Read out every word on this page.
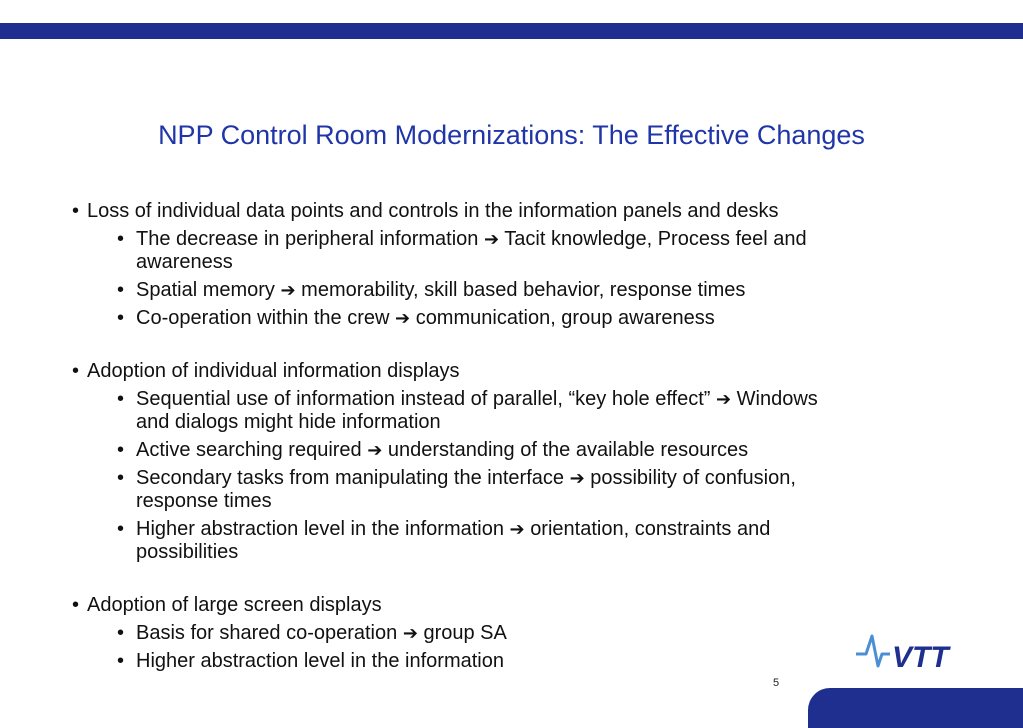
NPP Control Room Modernizations: The Effective Changes
• Loss of individual data points and controls in the information panels and desks
• The decrease in peripheral information ➔ Tacit knowledge, Process feel and
awareness
• Spatial memory ➔ memorability, skill based behavior, response times
• Co-operation within the crew ➔ communication, group awareness
• Adoption of individual information displays
• Sequential use of information instead of parallel, “key hole effect” ➔ Windows
and dialogs might hide information
• Active searching required ➔ understanding of the available resources
• Secondary tasks from manipulating the interface ➔ possibility of confusion,
response times
• Higher abstraction level in the information ➔ orientation, constraints and
possibilities
• Adoption of large screen displays
• Basis for shared co-operation ➔ group SA
• Higher abstraction level in the information
5
VTT
